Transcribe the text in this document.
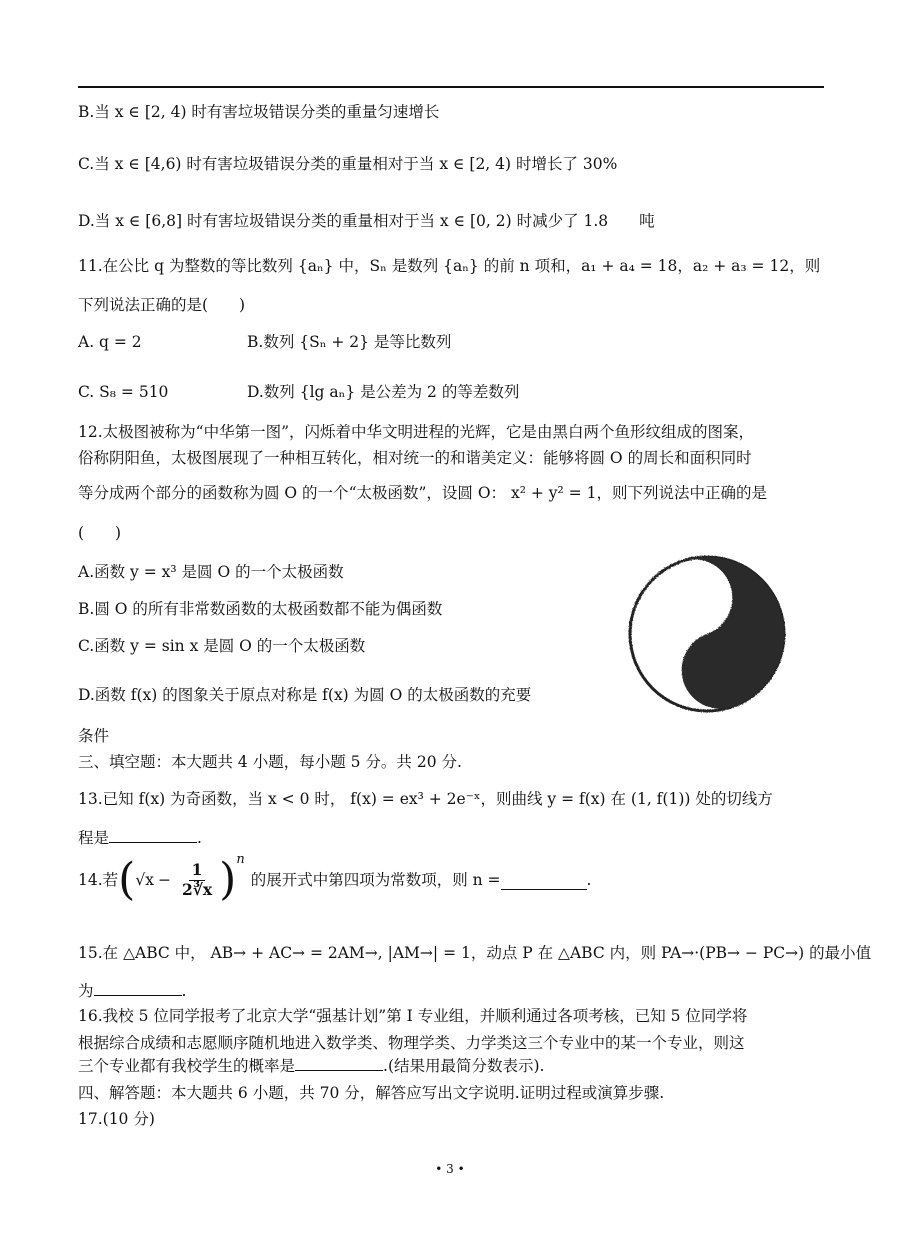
B.当 x ∈ [2, 4) 时有害垃圾错误分类的重量匀速增长
C.当 x ∈ [4,6) 时有害垃圾错误分类的重量相对于当 x ∈ [2, 4) 时增长了 30%
D.当 x ∈ [6,8] 时有害垃圾错误分类的重量相对于当 x ∈ [0, 2) 时减少了 1.8　　吨
11.在公比 q 为整数的等比数列 {aₙ} 中，Sₙ 是数列 {aₙ} 的前 n 项和，a₁ + a₄ = 18，a₂ + a₃ = 12，则
下列说法正确的是(　　)
A. q = 2	B.数列 {Sₙ + 2} 是等比数列
C. S₈ = 510	D.数列 {lg aₙ} 是公差为 2 的等差数列
12.太极图被称为“中华第一图”，闪烁着中华文明进程的光辉，它是由黑白两个鱼形纹组成的图案，
俗称阴阳鱼，太极图展现了一种相互转化，相对统一的和谐美定义：能够将圆 O 的周长和面积同时
等分成两个部分的函数称为圆 O 的一个“太极函数”，设圆 O： x² + y² = 1，则下列说法中正确的是
(　　)
A.函数 y = x³ 是圆 O 的一个太极函数
B.圆 O 的所有非常数函数的太极函数都不能为偶函数
C.函数 y = sin x 是圆 O 的一个太极函数
D.函数 f(x) 的图象关于原点对称是 f(x) 为圆 O 的太极函数的充要
条件
三、填空题：本大题共 4 小题，每小题 5 分。共 20 分.
13.已知 f(x) 为奇函数，当 x < 0 时， f(x) = ex³ + 2e⁻ˣ，则曲线 y = f(x) 在 (1, f(1)) 处的切线方
程是	.
14.若 ( $√x - \frac{1}{2∛x}$ ) n
的展开式中第四项为常数项，则 n =	.
15.在 △ABC 中， AB→ + AC→ = 2AM→, |AM→| = 1，动点 P 在 △ABC 内，则 PA→·(PB→ − PC→) 的最小值
为	.
16.我校 5 位同学报考了北京大学“强基计划”第 I 专业组，并顺利通过各项考核，已知 5 位同学将
根据综合成绩和志愿顺序随机地进入数学类、物理学类、力学类这三个专业中的某一个专业，则这
三个专业都有我校学生的概率是	.(结果用最简分数表示).
四、解答题：本大题共 6 小题，共 70 分，解答应写出文字说明.证明过程或演算步骤.
17.(10 分)
• 3 •
